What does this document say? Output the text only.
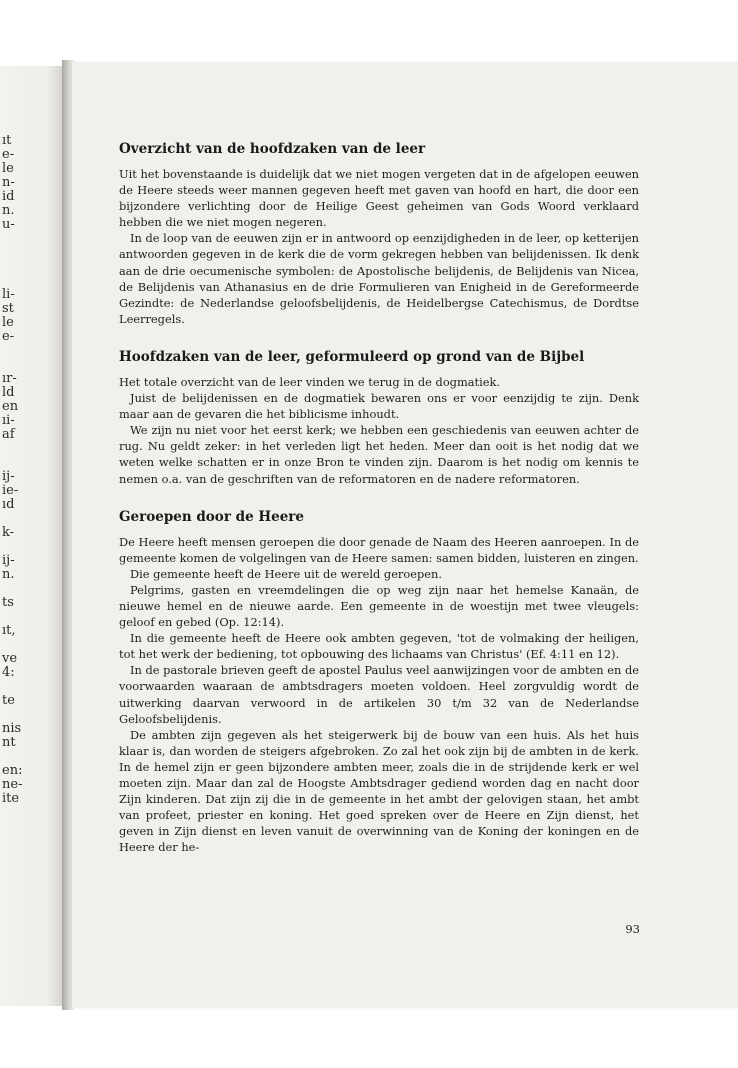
ıt
e-
le
n-
id
n.
u-
li-
st
le
e-
ır-
ld
en
ıi-
af
ij-
ie-
ıd
k-
ij-
n.
ts
ıt,
ve
4:
te
nis
nt
en:
ne-
ite
Overzicht van de hoofdzaken van de leer

Uit het bovenstaande is duidelijk dat we niet mogen vergeten dat in de afgelopen eeuwen de Heere steeds weer mannen gegeven heeft met gaven van hoofd en hart, die door een bijzondere verlichting door de Heilige Geest geheimen van Gods Woord verklaard hebben die we niet mogen negeren.

In de loop van de eeuwen zijn er in antwoord op eenzijdigheden in de leer, op ketterijen antwoorden gegeven in de kerk die de vorm gekregen hebben van belijdenissen. Ik denk aan de drie oecumenische symbolen: de Apostolische belijdenis, de Belijdenis van Nicea, de Belijdenis van Athanasius en de drie Formulieren van Enigheid in de Gereformeerde Gezindte: de Nederlandse geloofsbelijdenis, de Heidelbergse Catechismus, de Dordtse Leerregels.

Hoofdzaken van de leer, geformuleerd op grond van de Bijbel

Het totale overzicht van de leer vinden we terug in de dogmatiek.

Juist de belijdenissen en de dogmatiek bewaren ons er voor eenzijdig te zijn. Denk maar aan de gevaren die het biblicisme inhoudt.

We zijn nu niet voor het eerst kerk; we hebben een geschiedenis van eeuwen achter de rug. Nu geldt zeker: in het verleden ligt het heden. Meer dan ooit is het nodig dat we weten welke schatten er in onze Bron te vinden zijn. Daarom is het nodig om kennis te nemen o.a. van de geschriften van de reformatoren en de nadere reformatoren.

Geroepen door de Heere

De Heere heeft mensen geroepen die door genade de Naam des Heeren aanroepen. In de gemeente komen de volgelingen van de Heere samen: samen bidden, luisteren en zingen.

Die gemeente heeft de Heere uit de wereld geroepen.

Pelgrims, gasten en vreemdelingen die op weg zijn naar het hemelse Kanaän, de nieuwe hemel en de nieuwe aarde. Een gemeente in de woestijn met twee vleugels: geloof en gebed (Op. 12:14).

In die gemeente heeft de Heere ook ambten gegeven, 'tot de volmaking der heiligen, tot het werk der bediening, tot opbouwing des lichaams van Christus' (Ef. 4:11 en 12).

In de pastorale brieven geeft de apostel Paulus veel aanwijzingen voor de ambten en de voorwaarden waaraan de ambtsdragers moeten voldoen. Heel zorgvuldig wordt de uitwerking daarvan verwoord in de artikelen 30 t/m 32 van de Nederlandse Geloofsbelijdenis.

De ambten zijn gegeven als het steigerwerk bij de bouw van een huis. Als het huis klaar is, dan worden de steigers afgebroken. Zo zal het ook zijn bij de ambten in de kerk. In de hemel zijn er geen bijzondere ambten meer, zoals die in de strijdende kerk er wel moeten zijn. Maar dan zal de Hoogste Ambtsdrager gediend worden dag en nacht door Zijn kinderen. Dat zijn zij die in de gemeente in het ambt der gelovigen staan, het ambt van profeet, priester en koning. Het goed spreken over de Heere en Zijn dienst, het geven in Zijn dienst en leven vanuit de overwinning van de Koning der koningen en de Heere der he-

93
